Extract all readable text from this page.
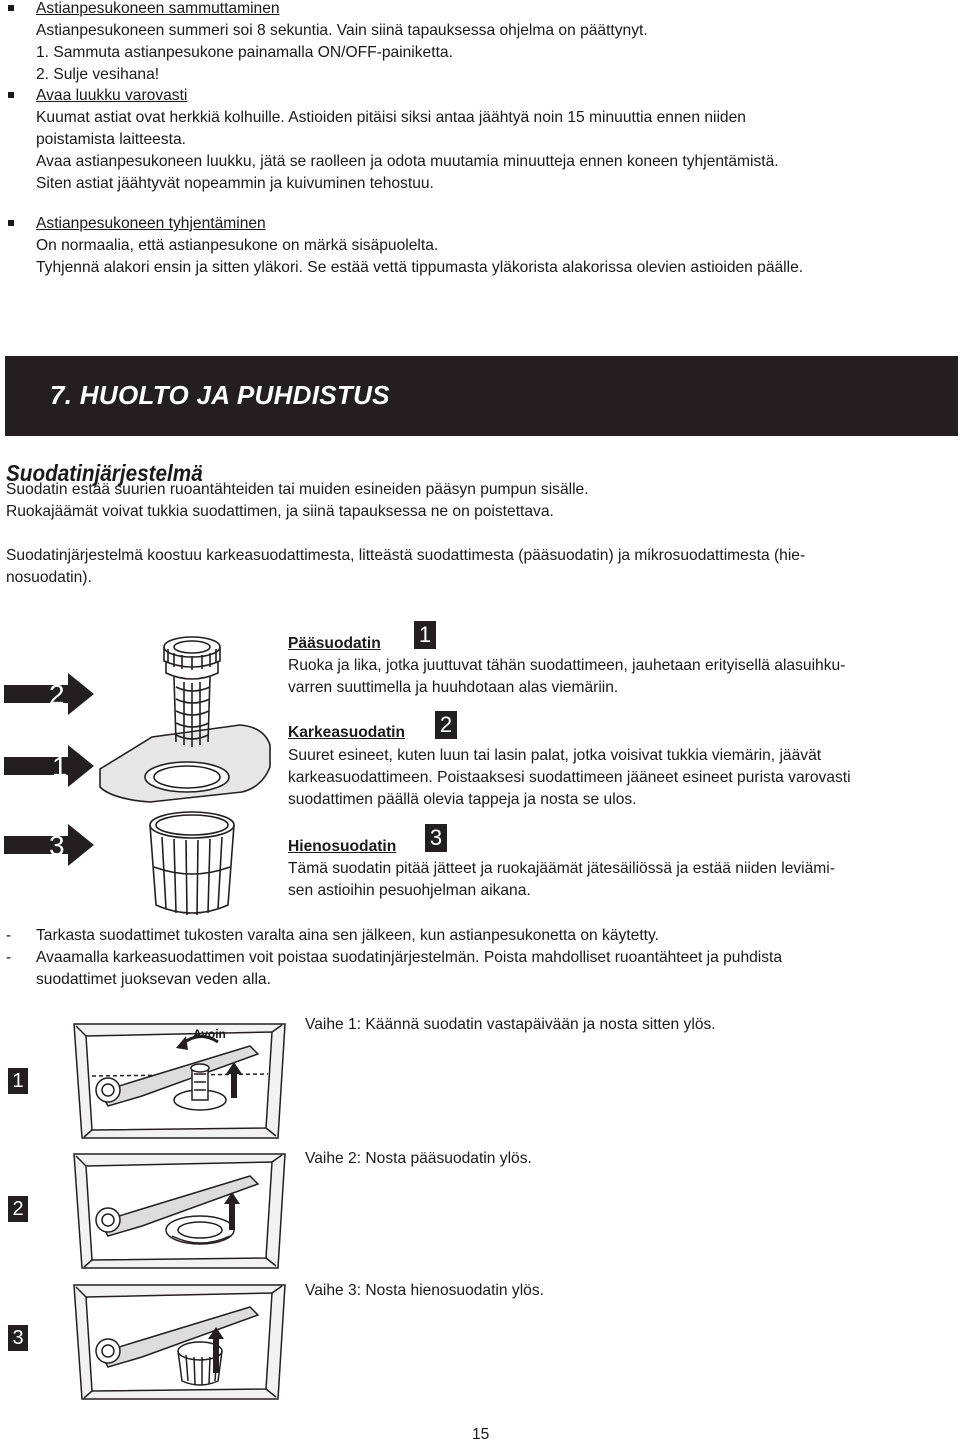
Astianpesukoneen sammuttaminen
Astianpesukoneen summeri soi 8 sekuntia. Vain siinä tapauksessa ohjelma on päättynyt.
1. Sammuta astianpesukone painamalla ON/OFF-painiketta.
2. Sulje vesihana!
Avaa luukku varovasti
Kuumat astiat ovat herkkiä kolhuille. Astioiden pitäisi siksi antaa jäähtyä noin 15 minuuttia ennen niiden
poistamista laitteesta.
Avaa astianpesukoneen luukku, jätä se raolleen ja odota muutamia minuutteja ennen koneen tyhjentämistä.
Siten astiat jäähtyvät nopeammin ja kuivuminen tehostuu.
Astianpesukoneen tyhjentäminen
On normaalia, että astianpesukone on märkä sisäpuolelta.
Tyhjennä alakori ensin ja sitten yläkori. Se estää vettä tippumasta yläkorista alakorissa olevien astioiden päälle.
7. HUOLTO JA PUHDISTUS
Suodatinjärjestelmä
Suodatin estää suurien ruoantähteiden tai muiden esineiden pääsyn pumpun sisälle.
Ruokajäämät voivat tukkia suodattimen, ja siinä tapauksessa ne on poistettava.
Suodatinjärjestelmä koostuu karkeasuodattimesta, litteästä suodattimesta (pääsuodatin) ja mikrosuodattimesta (hie-
nosuodatin).
2
1
3
Pääsuodatin 1
Ruoka ja lika, jotka juuttuvat tähän suodattimeen, jauhetaan erityisellä alasuihku-
varren suuttimella ja huuhdotaan alas viemäriin.
Karkeasuodatin 2
Suuret esineet, kuten luun tai lasin palat, jotka voisivat tukkia viemärin, jäävät
karkeasuodattimeen. Poistaaksesi suodattimeen jääneet esineet purista varovasti
suodattimen päällä olevia tappeja ja nosta se ulos.
Hienosuodatin 3
Tämä suodatin pitää jätteet ja ruokajäämät jätesäiliössä ja estää niiden leviämi-
sen astioihin pesuohjelman aikana.
- Tarkasta suodattimet tukosten varalta aina sen jälkeen, kun astianpesukonetta on käytetty.
- Avaamalla karkeasuodattimen voit poistaa suodatinjärjestelmän. Poista mahdolliset ruoantähteet ja puhdista
suodattimet juoksevan veden alla.
1
2
3
Avoin
Vaihe 1: Käännä suodatin vastapäivään ja nosta sitten ylös.
Vaihe 2: Nosta pääsuodatin ylös.
Vaihe 3: Nosta hienosuodatin ylös.
15
